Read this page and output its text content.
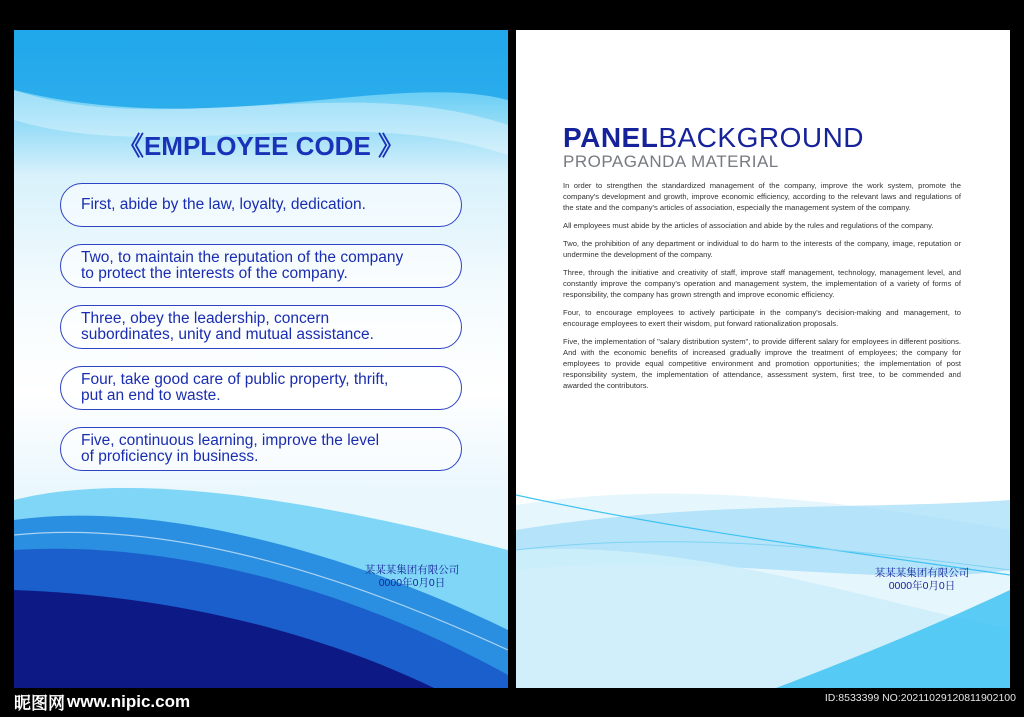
《EMPLOYEE CODE 》
First, abide by the law, loyalty, dedication.
Two, to maintain the reputation of the company
to protect the interests of the company.
Three, obey the leadership, concern
subordinates, unity and mutual assistance.
Four, take good care of public property, thrift,
put an end to waste.
Five, continuous learning, improve the level
of proficiency in business.
某某某集团有限公司
0000年0月0日
PANELBACKGROUND
PROPAGANDA MATERIAL

In order to strengthen the standardized management of the company, improve the work system, promote the company's development and growth, improve economic efficiency, according to the relevant laws and regulations of the state and the company's articles of association, especially the management system of the company.

All employees must abide by the articles of association and abide by the rules and regulations of the company.

Two, the prohibition of any department or individual to do harm to the interests of the company, image, reputation or undermine the development of the company.

Three, through the initiative and creativity of staff, improve staff management, technology, management level, and constantly improve the company's operation and management system, the implementation of a variety of forms of responsibility, the company has grown strength and improve economic efficiency.

Four, to encourage employees to actively participate in the company's decision-making and management, to encourage employees to exert their wisdom, put forward rationalization proposals.

Five, the implementation of "salary distribution system", to provide different salary for employees in different positions. And with the economic benefits of increased gradually improve the treatment of employees; the company for employees to provide equal competitive environment and promotion opportunities; the implementation of post responsibility system, the implementation of attendance, assessment system, first tree, to be commended and awarded the contributors.

某某某集团有限公司
0000年0月0日
昵图网 www.nipic.com	ID:8533399 NO:20211029120811902100
